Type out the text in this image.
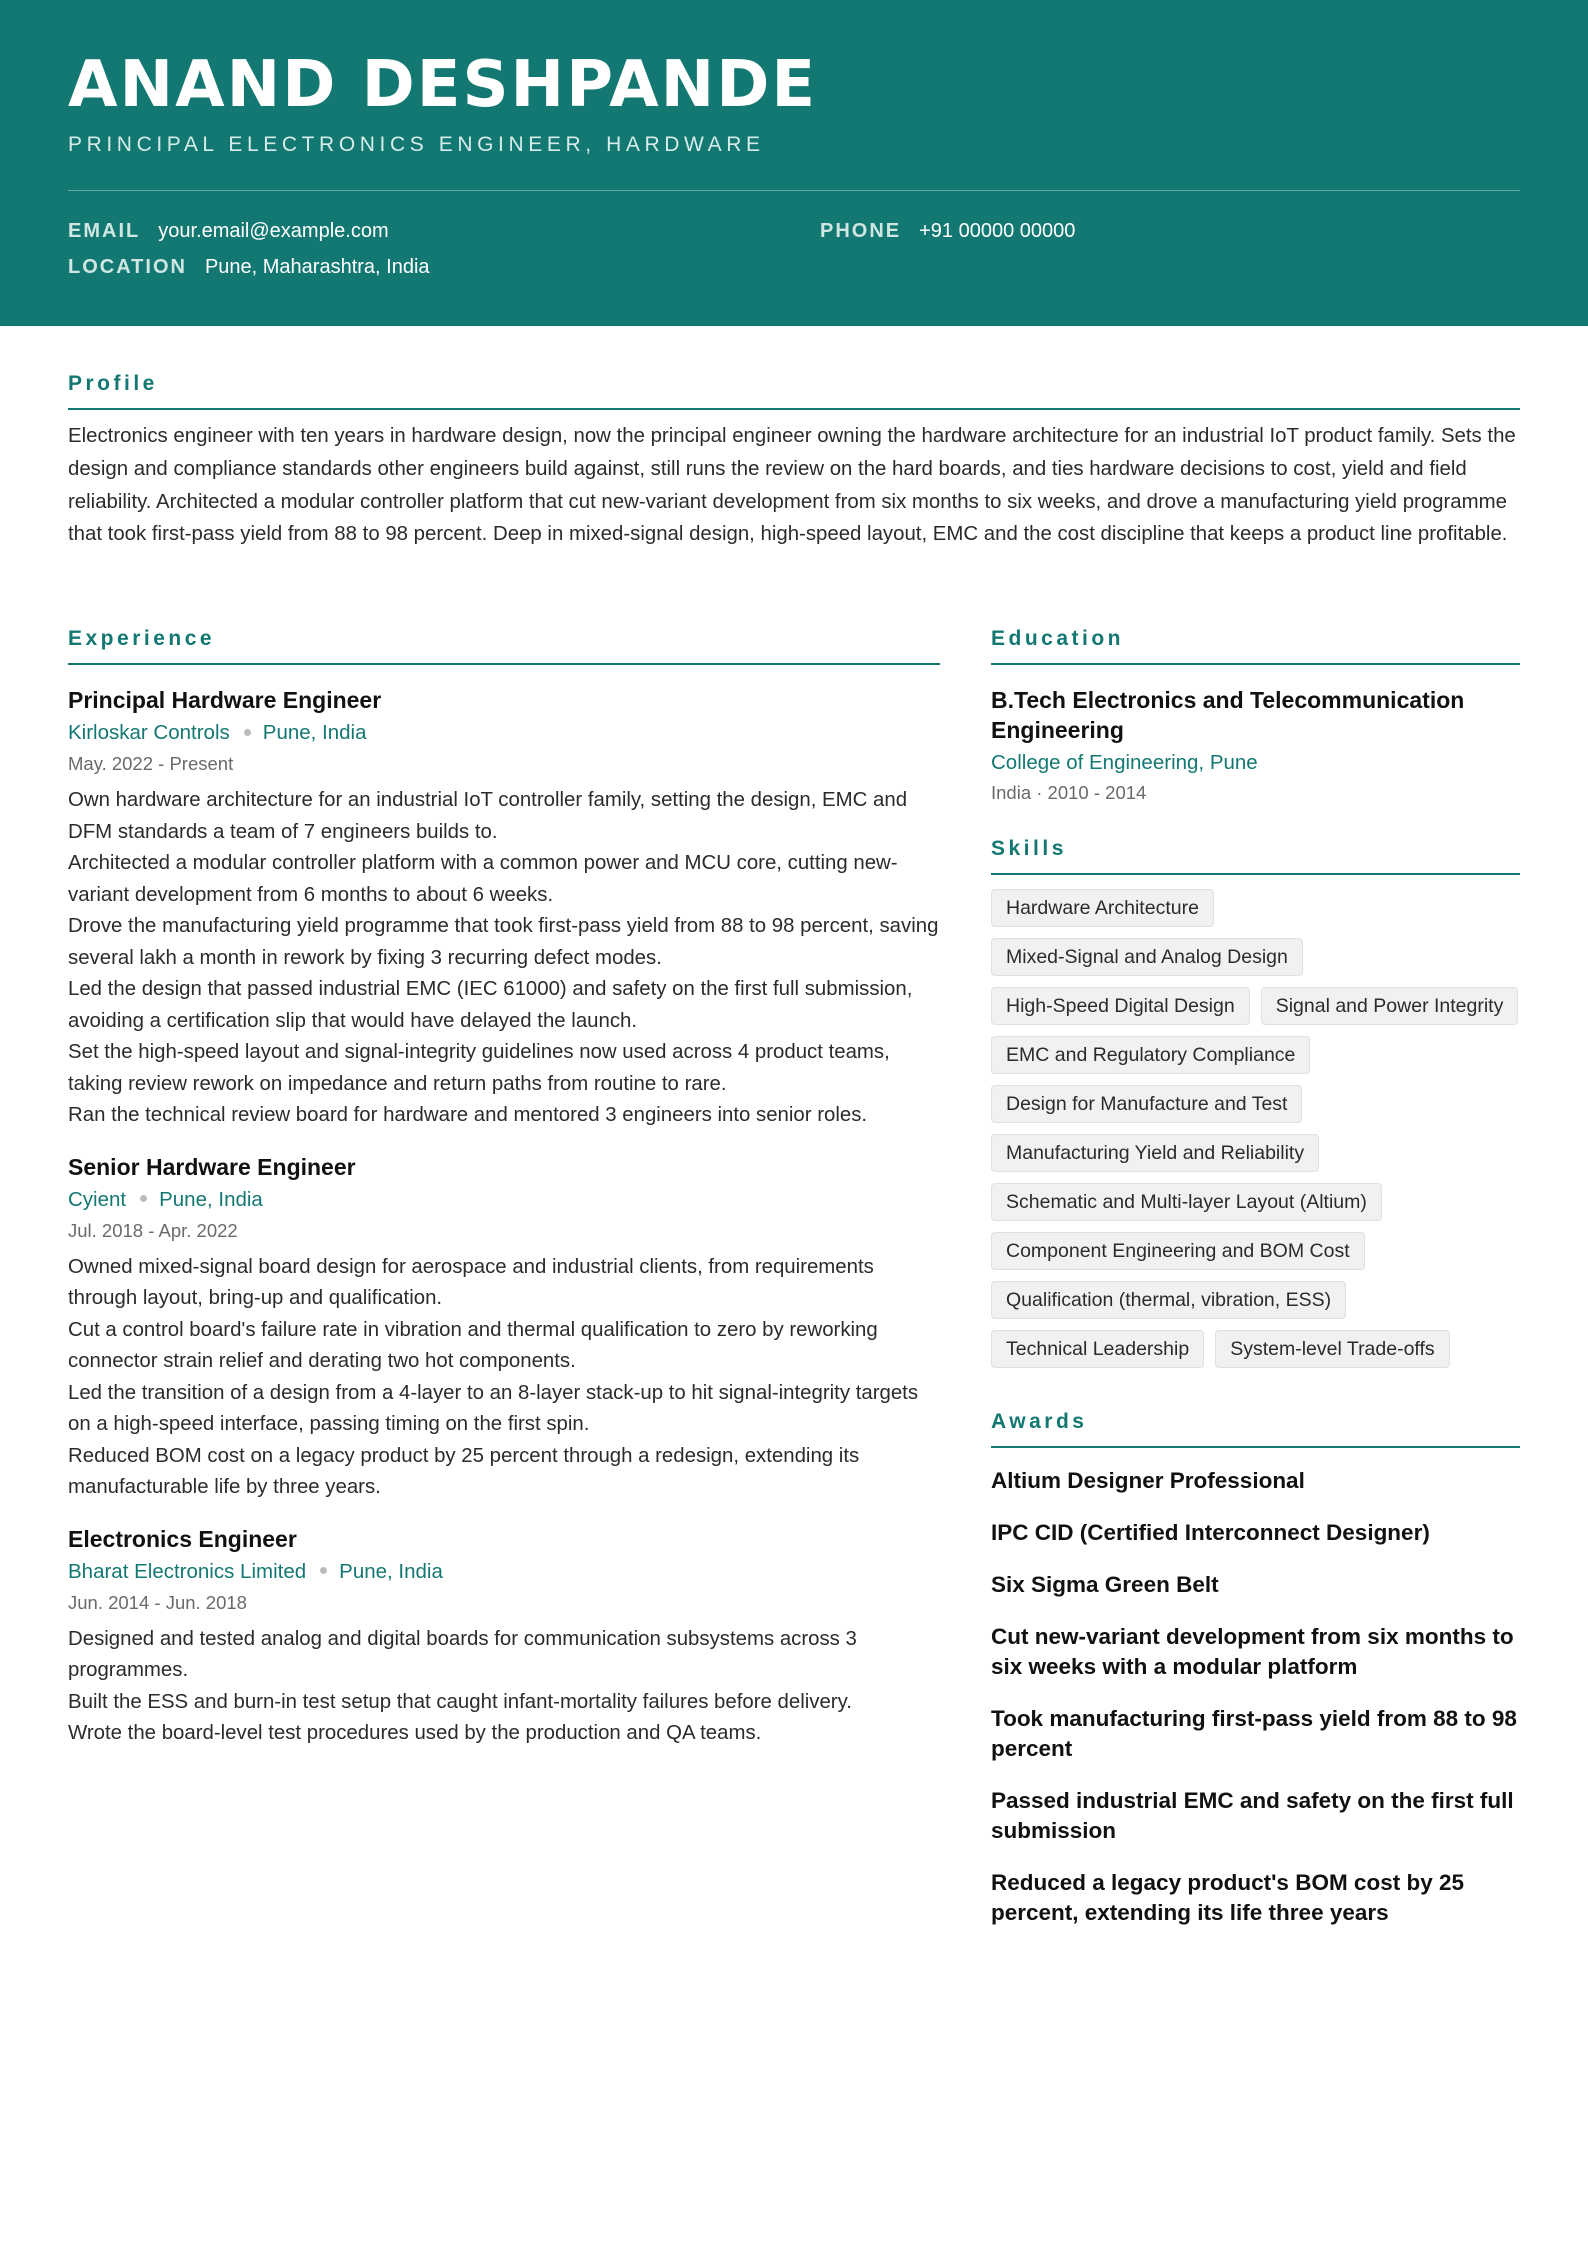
ANAND DESHPANDE
PRINCIPAL ELECTRONICS ENGINEER, HARDWARE
EMAIL your.email@example.com
LOCATION Pune, Maharashtra, India
PHONE +91 00000 00000
Profile

Electronics engineer with ten years in hardware design, now the principal engineer owning the hardware architecture for an industrial IoT product family. Sets the design and compliance standards other engineers build against, still runs the review on the hard boards, and ties hardware decisions to cost, yield and field reliability. Architected a modular controller platform that cut new-variant development from six months to six weeks, and drove a manufacturing yield programme that took first-pass yield from 88 to 98 percent. Deep in mixed-signal design, high-speed layout, EMC and the cost discipline that keeps a product line profitable.

Experience
Principal Hardware Engineer
Kirloskar Controls Pune, India
May. 2022 - Present
Own hardware architecture for an industrial IoT controller family, setting the design, EMC and DFM standards a team of 7 engineers builds to.
Architected a modular controller platform with a common power and MCU core, cutting new-variant development from 6 months to about 6 weeks.
Drove the manufacturing yield programme that took first-pass yield from 88 to 98 percent, saving several lakh a month in rework by fixing 3 recurring defect modes.
Led the design that passed industrial EMC (IEC 61000) and safety on the first full submission, avoiding a certification slip that would have delayed the launch.
Set the high-speed layout and signal-integrity guidelines now used across 4 product teams, taking review rework on impedance and return paths from routine to rare.
Ran the technical review board for hardware and mentored 3 engineers into senior roles.
Senior Hardware Engineer
Cyient Pune, India
Jul. 2018 - Apr. 2022
Owned mixed-signal board design for aerospace and industrial clients, from requirements through layout, bring-up and qualification.
Cut a control board's failure rate in vibration and thermal qualification to zero by reworking connector strain relief and derating two hot components.
Led the transition of a design from a 4-layer to an 8-layer stack-up to hit signal-integrity targets on a high-speed interface, passing timing on the first spin.
Reduced BOM cost on a legacy product by 25 percent through a redesign, extending its manufacturable life by three years.
Electronics Engineer
Bharat Electronics Limited Pune, India
Jun. 2014 - Jun. 2018
Designed and tested analog and digital boards for communication subsystems across 3 programmes.
Built the ESS and burn-in test setup that caught infant-mortality failures before delivery.
Wrote the board-level test procedures used by the production and QA teams.
Education
B.Tech Electronics and Telecommunication Engineering
College of Engineering, Pune
India · 2010 - 2014
Skills
Hardware Architecture
Mixed-Signal and Analog Design
High-Speed Digital Design	Signal and Power Integrity
EMC and Regulatory Compliance
Design for Manufacture and Test
Manufacturing Yield and Reliability
Schematic and Multi-layer Layout (Altium)
Component Engineering and BOM Cost
Qualification (thermal, vibration, ESS)
Technical Leadership	System-level Trade-offs
Awards
Altium Designer Professional
IPC CID (Certified Interconnect Designer)
Six Sigma Green Belt
Cut new-variant development from six months to six weeks with a modular platform
Took manufacturing first-pass yield from 88 to 98 percent
Passed industrial EMC and safety on the first full submission
Reduced a legacy product's BOM cost by 25 percent, extending its life three years
